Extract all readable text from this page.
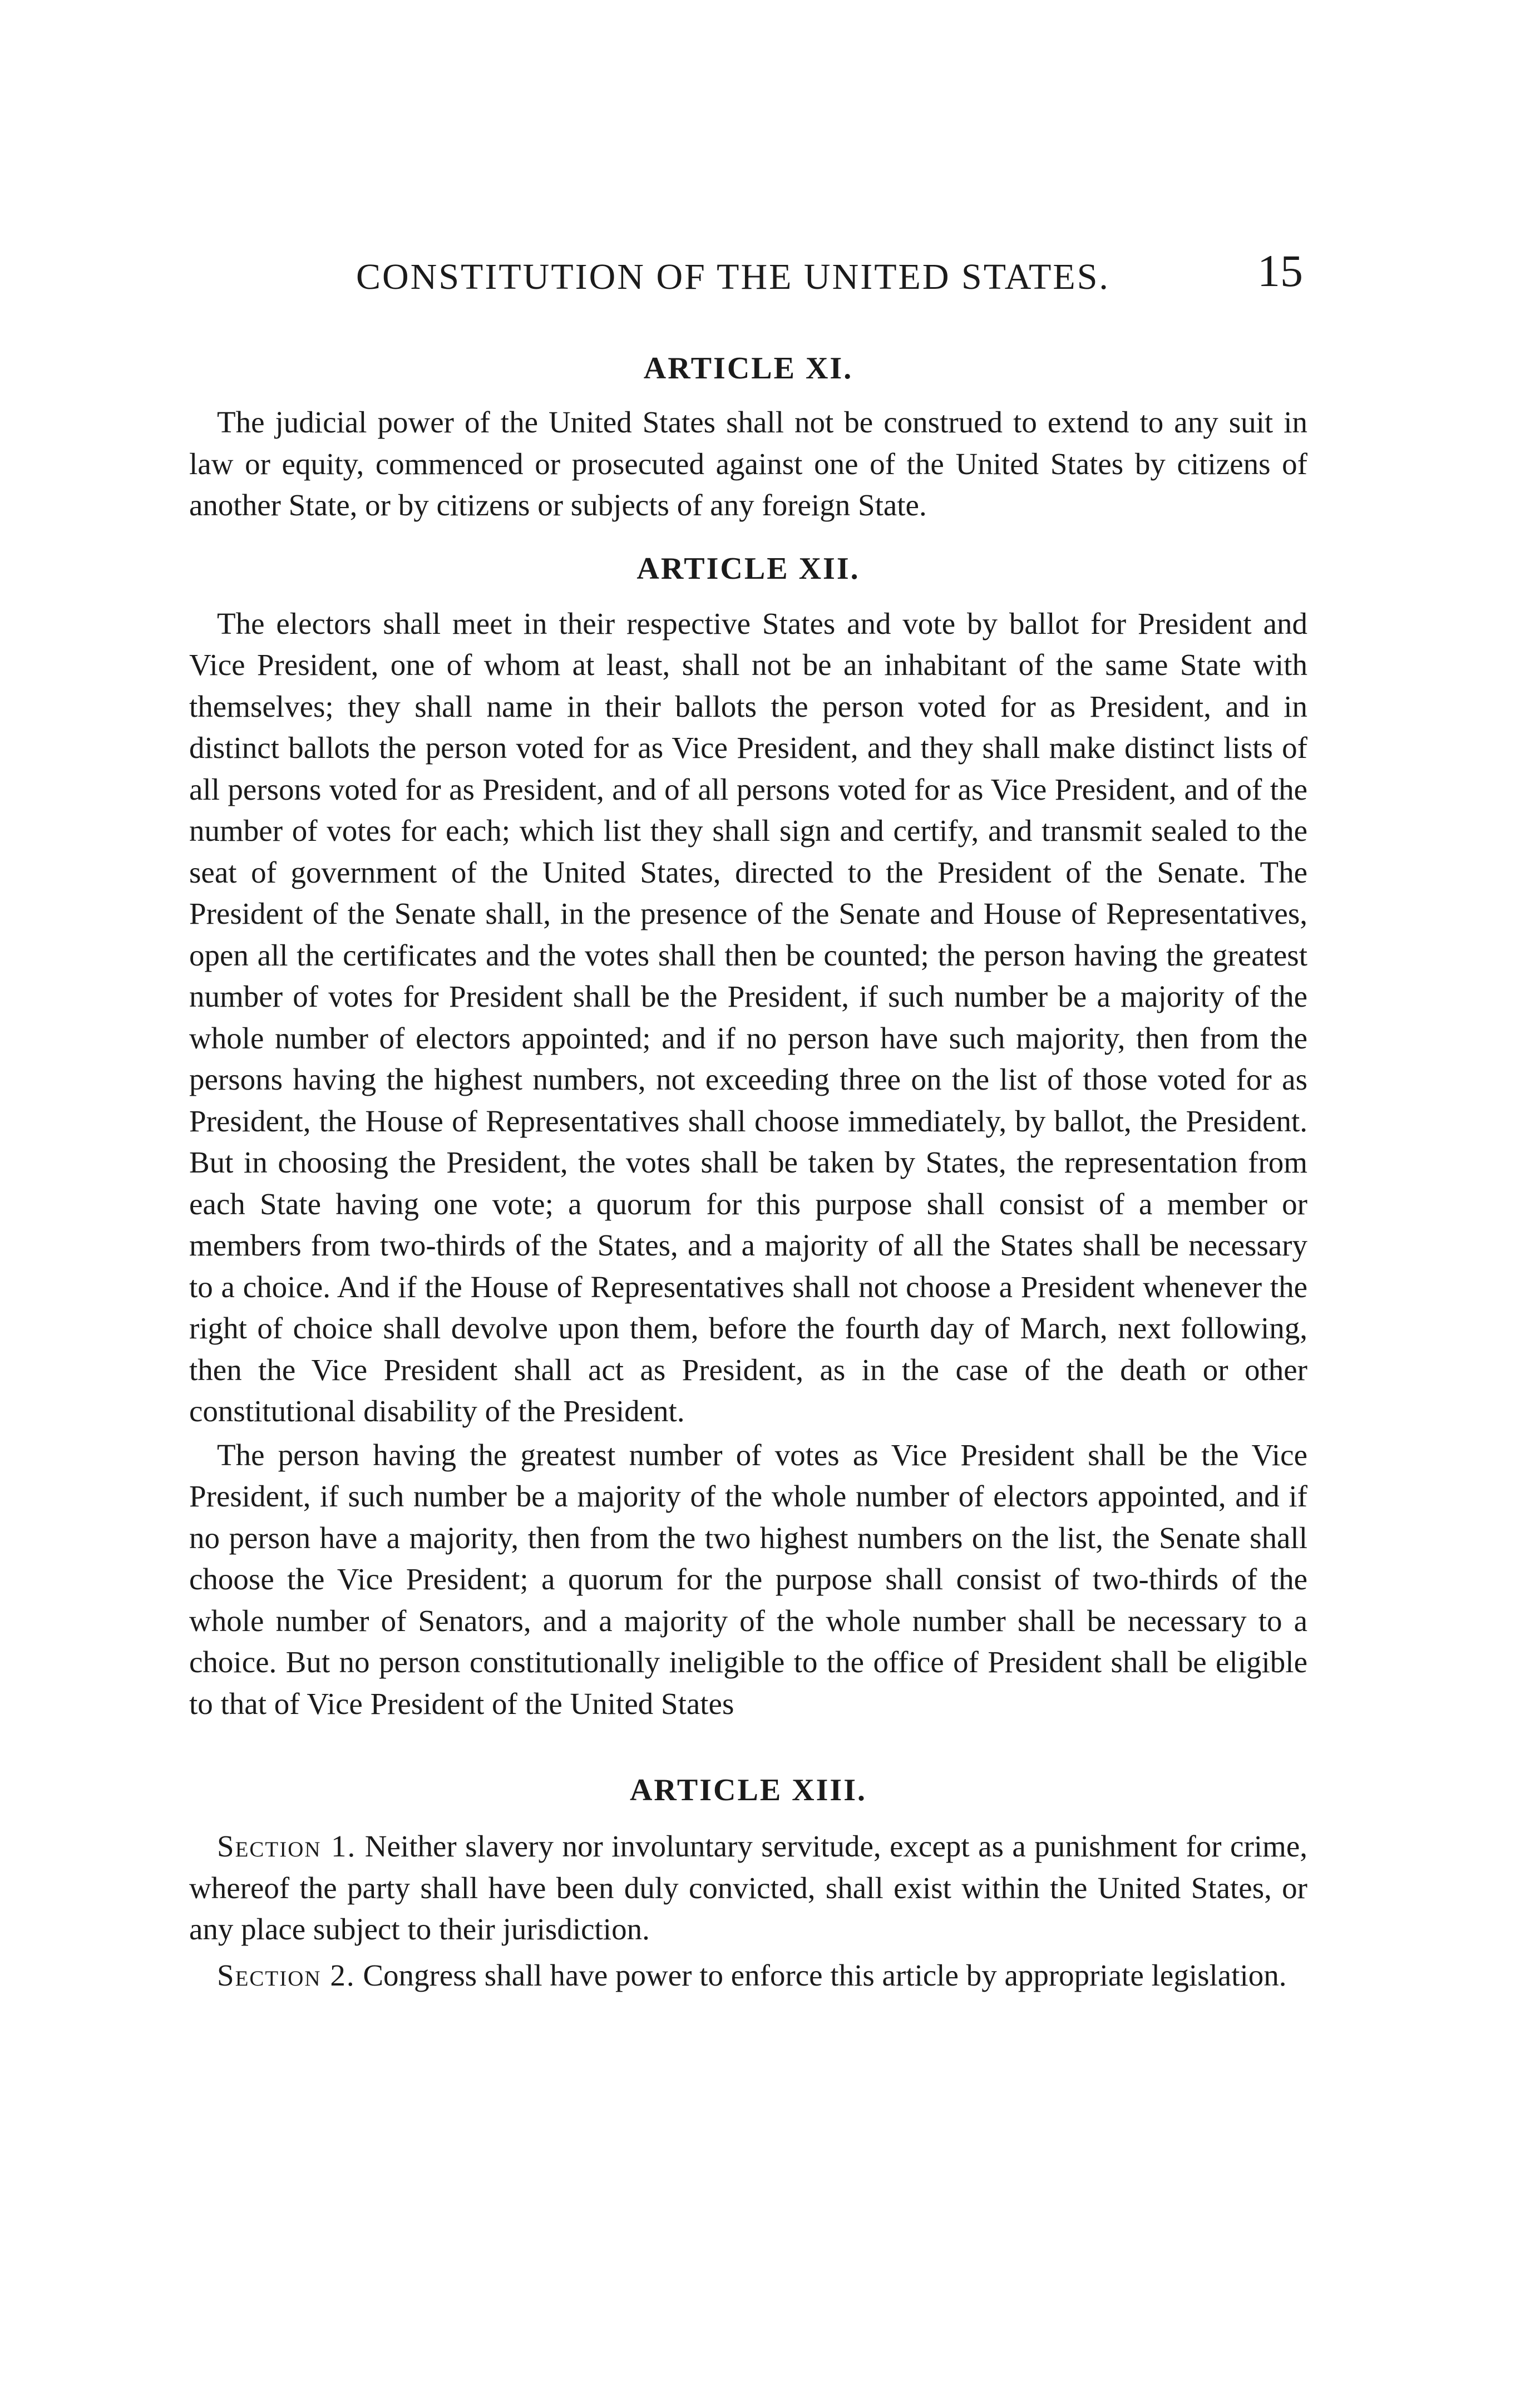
CONSTITUTION OF THE UNITED STATES.	15
ARTICLE XI.

The judicial power of the United States shall not be construed to extend to any suit in law or equity, commenced or prosecuted against one of the United States by citizens of another State, or by citizens or subjects of any foreign State.

ARTICLE XII.

The electors shall meet in their respective States and vote by ballot for President and Vice President, one of whom at least, shall not be an inhabitant of the same State with themselves; they shall name in their ballots the person voted for as President, and in distinct ballots the person voted for as Vice President, and they shall make distinct lists of all persons voted for as President, and of all persons voted for as Vice President, and of the number of votes for each; which list they shall sign and certify, and transmit sealed to the seat of government of the United States, directed to the President of the Senate. The President of the Senate shall, in the presence of the Senate and House of Representatives, open all the certificates and the votes shall then be counted; the person having the greatest number of votes for President shall be the President, if such number be a majority of the whole number of electors appointed; and if no person have such majority, then from the persons having the highest numbers, not exceeding three on the list of those voted for as President, the House of Representatives shall choose immediately, by ballot, the President. But in choosing the President, the votes shall be taken by States, the representation from each State having one vote; a quorum for this purpose shall consist of a member or members from two-thirds of the States, and a majority of all the States shall be necessary to a choice. And if the House of Representatives shall not choose a President whenever the right of choice shall devolve upon them, before the fourth day of March, next following, then the Vice President shall act as President, as in the case of the death or other constitutional disability of the President.

The person having the greatest number of votes as Vice President shall be the Vice President, if such number be a majority of the whole number of electors appointed, and if no person have a majority, then from the two highest numbers on the list, the Senate shall choose the Vice President; a quorum for the purpose shall consist of two-thirds of the whole number of Senators, and a majority of the whole number shall be necessary to a choice. But no person constitutionally ineligible to the office of President shall be eligible to that of Vice President of the United States

ARTICLE XIII.

Section 1. Neither slavery nor involuntary servitude, except as a punishment for crime, whereof the party shall have been duly convicted, shall exist within the United States, or any place subject to their jurisdiction.

Section 2. Congress shall have power to enforce this article by appropriate legislation.
